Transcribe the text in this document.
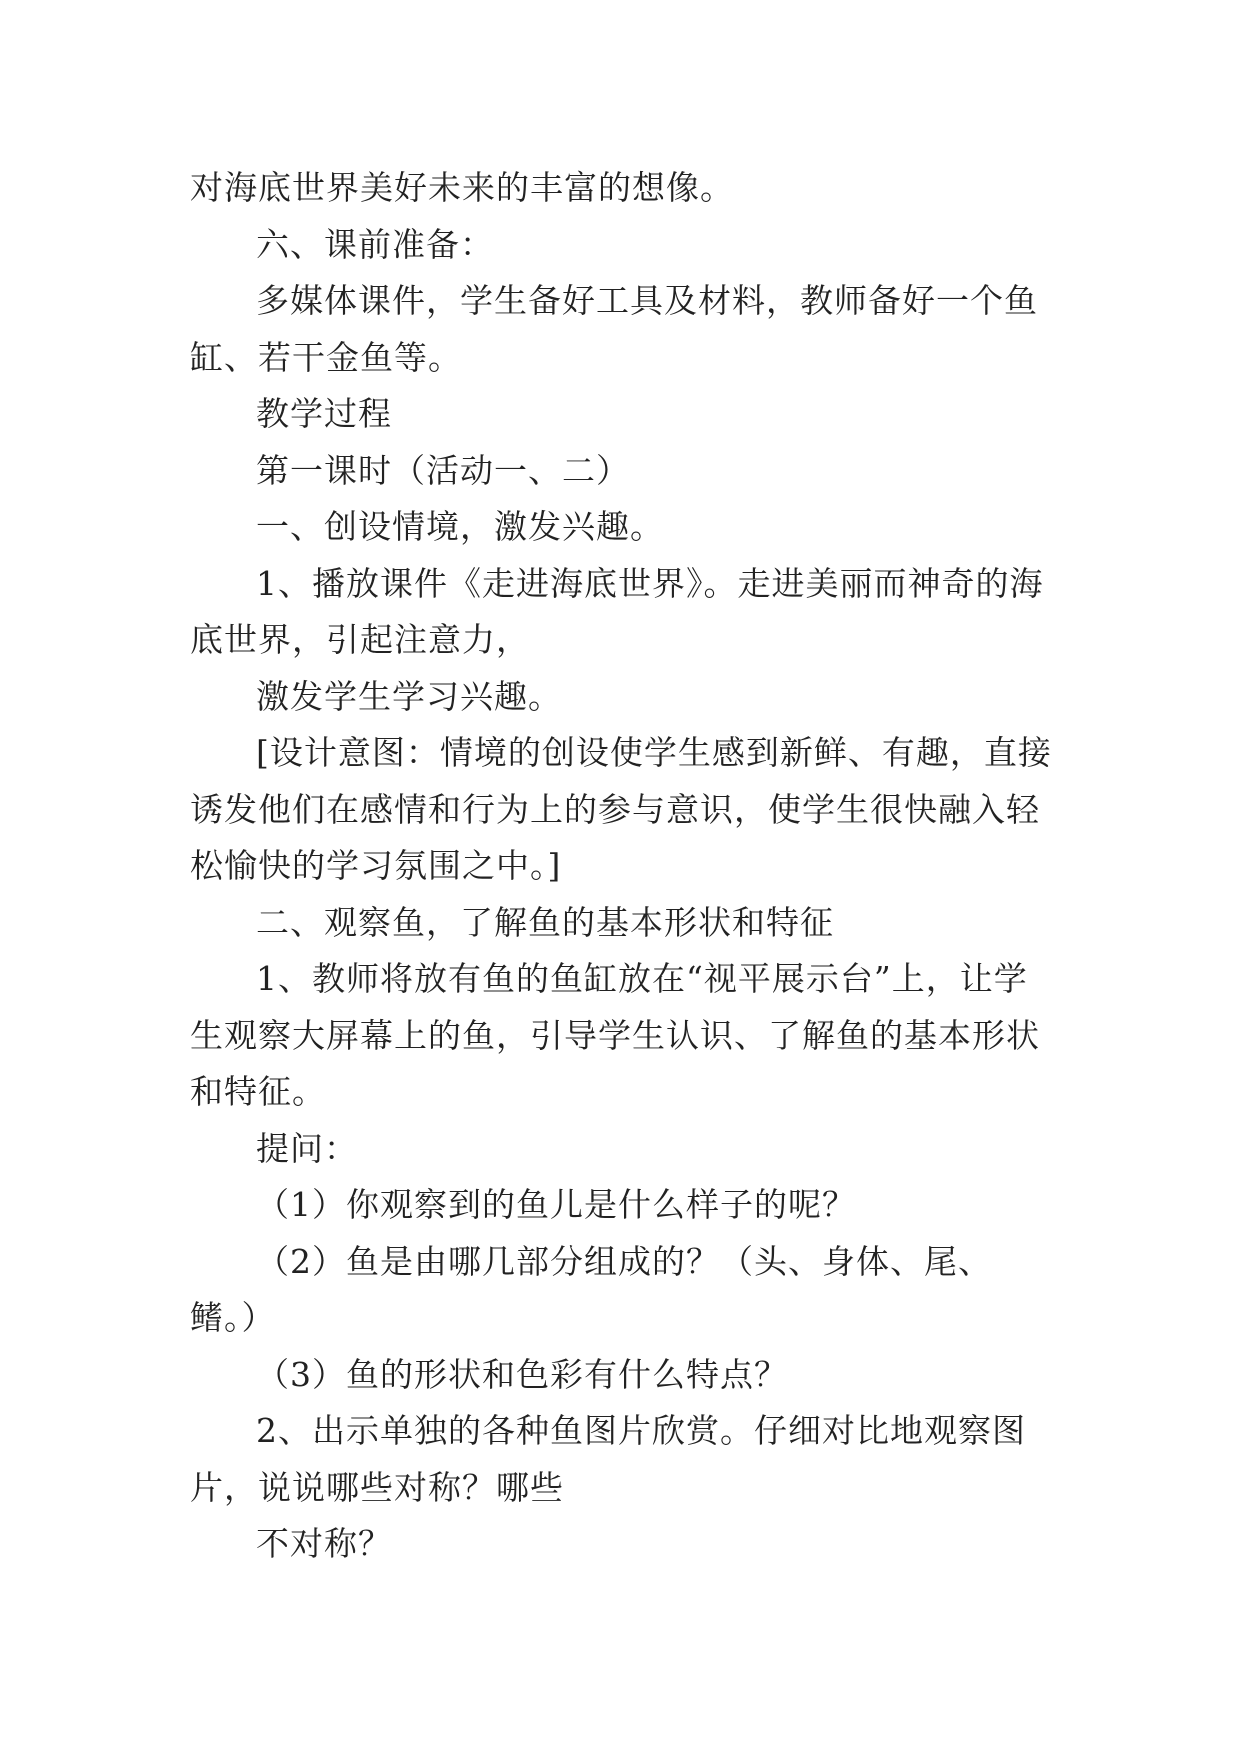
对海底世界美好未来的丰富的想像。

六、课前准备：

多媒体课件，学生备好工具及材料，教师备好一个鱼缸、若干金鱼等。

教学过程

第一课时（活动一、二）

一、创设情境，激发兴趣。

1、播放课件《走进海底世界》。走进美丽而神奇的海底世界，引起注意力，

激发学生学习兴趣。

[设计意图：情境的创设使学生感到新鲜、有趣，直接诱发他们在感情和行为上的参与意识，使学生很快融入轻松愉快的学习氛围之中。]

二、观察鱼，了解鱼的基本形状和特征

1、教师将放有鱼的鱼缸放在“视平展示台”上，让学生观察大屏幕上的鱼，引导学生认识、了解鱼的基本形状和特征。

提问：

（1）你观察到的鱼儿是什么样子的呢？

（2）鱼是由哪几部分组成的？（头、身体、尾、鳍。）

（3）鱼的形状和色彩有什么特点？

2、出示单独的各种鱼图片欣赏。仔细对比地观察图片，说说哪些对称？哪些

不对称？
